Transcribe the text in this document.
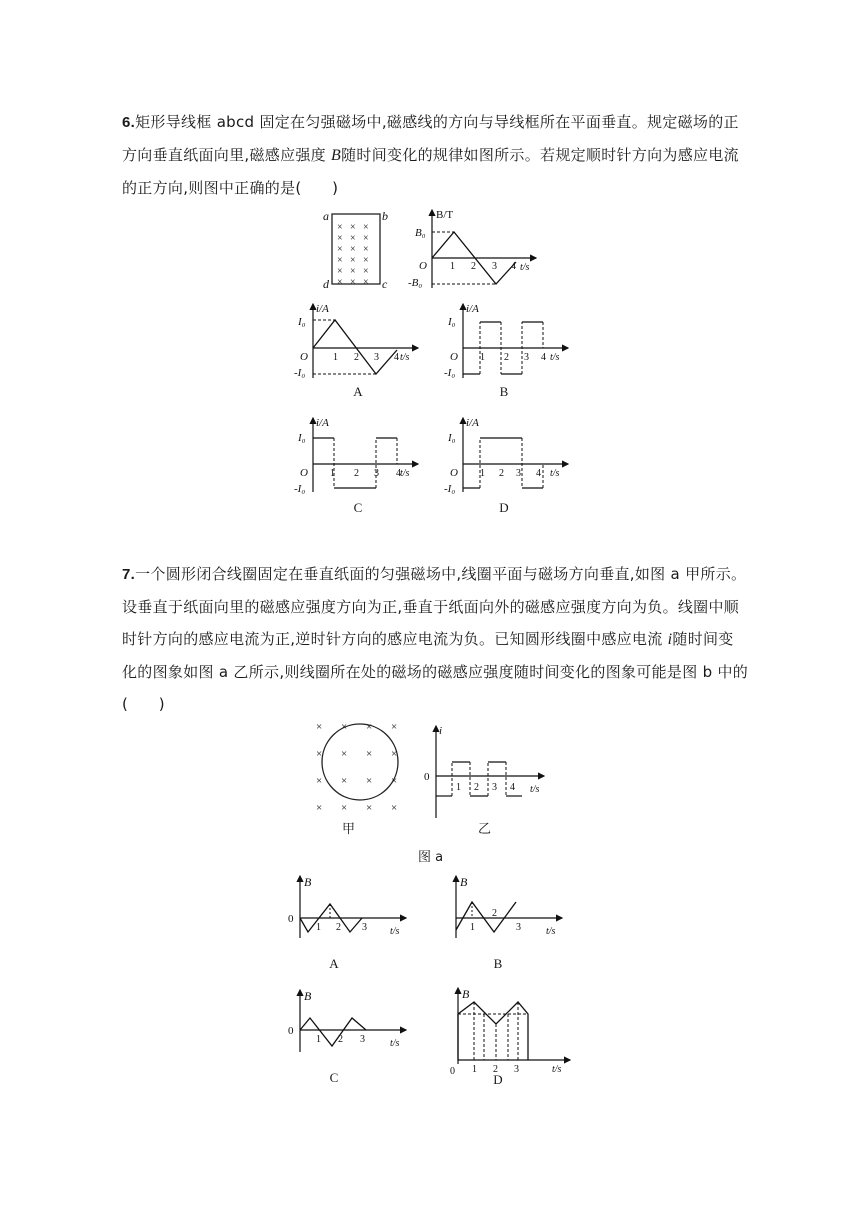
6.矩形导线框 abcd 固定在匀强磁场中,磁感线的方向与导线框所在平面垂直。规定磁场的正
方向垂直纸面向里,磁感应强度 B随时间变化的规律如图所示。若规定顺时针方向为感应电流
的正方向,则图中正确的是(　　)
a	b
d	c
×
×
×
×
×
×
×
×
×
×
×
×
×
×
×
×
×
×
B/T
B₀
-B₀
O	t/s
1 2 3 4
i/A
I₀
-I₀
O	t/s
1 2 3 4
A
i/A
I₀
-I₀
O	t/s
1 2 3 4
B
i/A
I₀
-I₀
O	t/s
1 2 3 4
C
i/A
I₀
-I₀
O	t/s
1 2 3 4
D
7.一个圆形闭合线圈固定在垂直纸面的匀强磁场中,线圈平面与磁场方向垂直,如图 a 甲所示。
设垂直于纸面向里的磁感应强度方向为正,垂直于纸面向外的磁感应强度方向为负。线圈中顺
时针方向的感应电流为正,逆时针方向的感应电流为负。已知圆形线圈中感应电流 i随时间变
化的图象如图 a 乙所示,则线圈所在处的磁场的磁感应强度随时间变化的图象可能是图 b 中的
(　　)
×
×
×
×
×
×
×
×
×
×
×
×
×
×
×
×
甲
i
0
t/s
1 2 3 4
乙
图 a
B
0
t/s
1 2 3
A
B
t/s
1
2
3
B
B
0
t/s
1 2 3
C
B
0	t/s
1 2 3
D
